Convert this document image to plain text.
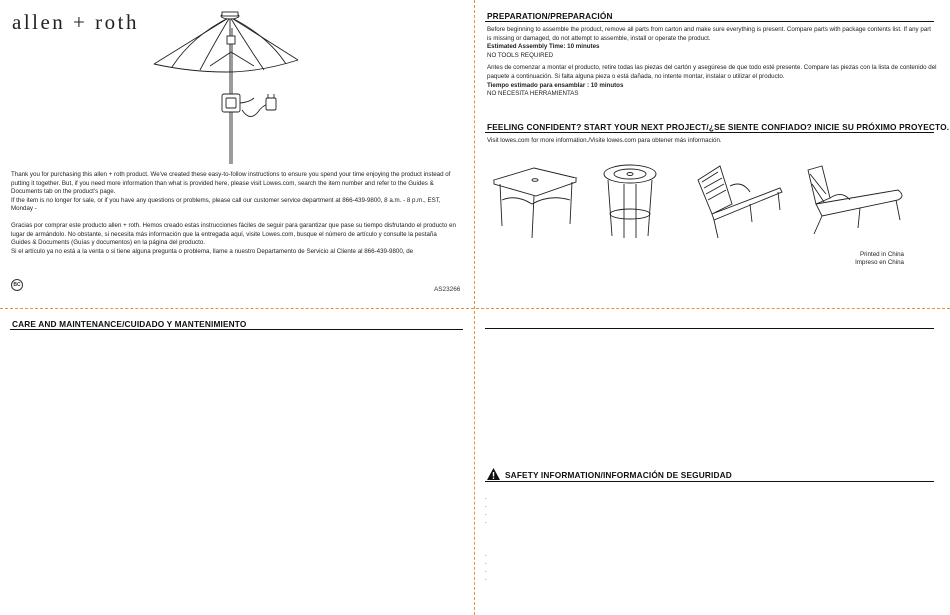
allen + roth
Thank you for purchasing this allen + roth product. We've created these easy-to-follow instructions to ensure you spend your time enjoying the product instead of putting it together. But, if you need more information than what is provided here, please visit Lowes.com, search the item number and refer to the Guides & Documents tab on the product's page.
If the item is no longer for sale, or if you have any questions or problems, please call our customer service department at 866-439-9800, 8 a.m. - 8 p.m., EST, Monday -
Gracias por comprar este producto allen + roth. Hemos creado estas instrucciones fáciles de seguir para garantizar que pase su tiempo disfrutando el producto en lugar de armándolo. No obstante, si necesita más información que la entregada aquí, visite Lowes.com, busque el número de artículo y consulte la pestaña Guides & Documents (Guías y documentos) en la página del producto.
Si el artículo ya no está a la venta o si tiene alguna pregunta o problema, llame a nuestro Departamento de Servicio al Cliente al 866-439-9800, de
BC
AS23266
PREPARATION/PREPARACIÓN
Before beginning to assemble the product, remove all parts from carton and make sure everything is present. Compare parts with package contents list. If any part is missing or damaged, do not attempt to assemble, install or operate the product.
Estimated Assembly Time: 10 minutes
NO TOOLS REQUIRED
Antes de comenzar a montar el producto, retire todas las piezas del cartón y asegúrese de que todo esté presente. Compare las piezas con la lista de contenido del paquete a continuación. Si falta alguna pieza o está dañada, no intente montar, instalar o utilizar el producto.
Tiempo estimado para ensamblar : 10 minutos
NO NECESITA HERRAMIENTAS
FEELING CONFIDENT? START YOUR NEXT PROJECT/¿SE SIENTE CONFIADO? INICIE SU PRÓXIMO PROYECTO.
Visit lowes.com for more information./Visite lowes.com para obtener más información.
Printed in China
Impreso en China
CARE AND MAINTENANCE/CUIDADO Y MANTENIMIENTO
SAFETY INFORMATION/INFORMACIÓN DE SEGURIDAD
.
.
.
.
.
.
.
.
